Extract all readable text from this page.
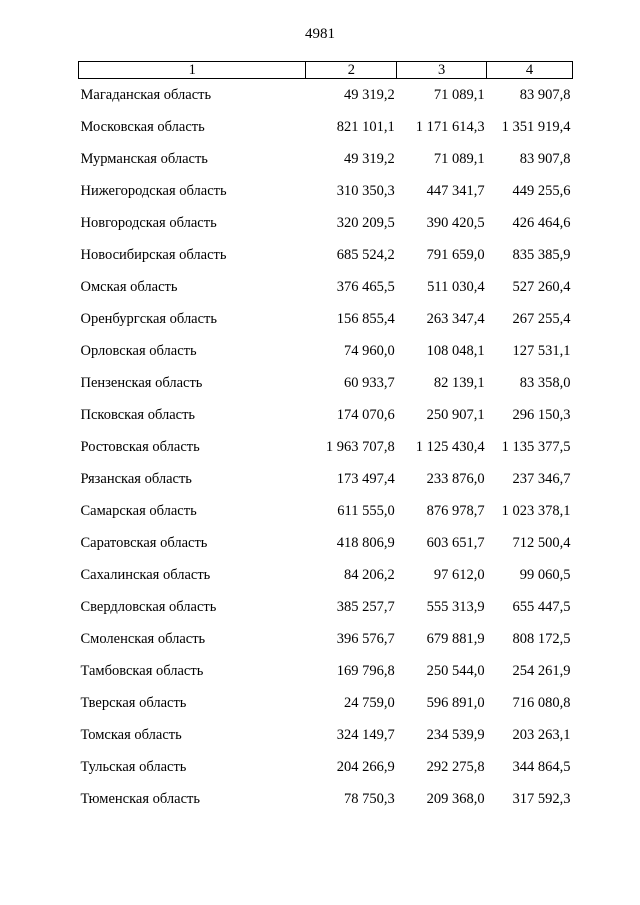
4981
1	2	3	4
Магаданская область	49 319,2	71 089,1	83 907,8
Московская область	821 101,1	1 171 614,3	1 351 919,4
Мурманская область	49 319,2	71 089,1	83 907,8
Нижегородская область	310 350,3	447 341,7	449 255,6
Новгородская область	320 209,5	390 420,5	426 464,6
Новосибирская область	685 524,2	791 659,0	835 385,9
Омская область	376 465,5	511 030,4	527 260,4
Оренбургская область	156 855,4	263 347,4	267 255,4
Орловская область	74 960,0	108 048,1	127 531,1
Пензенская область	60 933,7	82 139,1	83 358,0
Псковская область	174 070,6	250 907,1	296 150,3
Ростовская область	1 963 707,8	1 125 430,4	1 135 377,5
Рязанская область	173 497,4	233 876,0	237 346,7
Самарская область	611 555,0	876 978,7	1 023 378,1
Саратовская область	418 806,9	603 651,7	712 500,4
Сахалинская область	84 206,2	97 612,0	99 060,5
Свердловская область	385 257,7	555 313,9	655 447,5
Смоленская область	396 576,7	679 881,9	808 172,5
Тамбовская область	169 796,8	250 544,0	254 261,9
Тверская область	24 759,0	596 891,0	716 080,8
Томская область	324 149,7	234 539,9	203 263,1
Тульская область	204 266,9	292 275,8	344 864,5
Тюменская область	78 750,3	209 368,0	317 592,3
